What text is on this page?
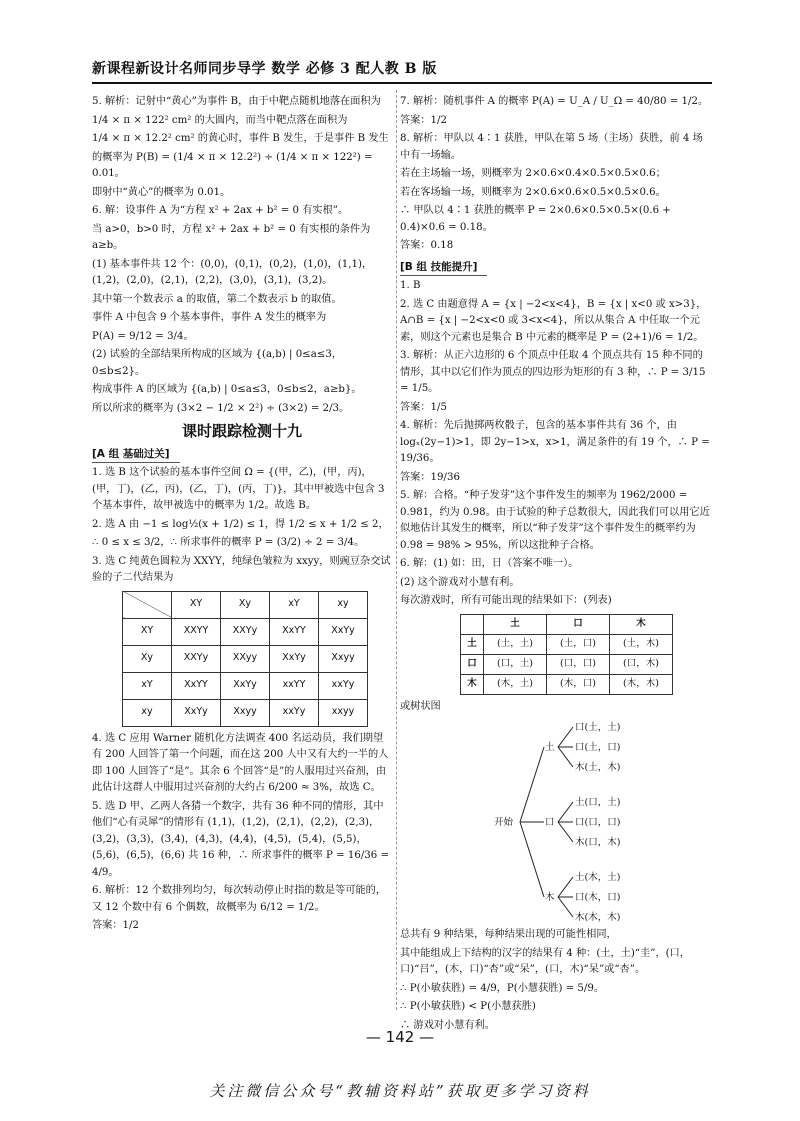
新课程新设计名师同步导学 数学 必修 3 配人教 B 版
5. 解析：记射中“黄心”为事件 B，由于中靶点随机地落在面积为
1/4 × π × 122² cm² 的大圆内，而当中靶点落在面积为
1/4 × π × 12.2² cm² 的黄心时，事件 B 发生，于是事件 B 发生
的概率为 P(B) = (1/4 × π × 12.2²) ÷ (1/4 × π × 122²) = 0.01。
即射中“黄心”的概率为 0.01。
6. 解：设事件 A 为“方程 x² + 2ax + b² = 0 有实根”。
当 a>0，b>0 时，方程 x² + 2ax + b² = 0 有实根的条件为 a≥b。
(1) 基本事件共 12 个：(0,0)，(0,1)，(0,2)，(1,0)，(1,1)，(1,2)，(2,0)，(2,1)，(2,2)，(3,0)，(3,1)，(3,2)。
其中第一个数表示 a 的取值，第二个数表示 b 的取值。
事件 A 中包含 9 个基本事件，事件 A 发生的概率为
P(A) = 9/12 = 3/4。
(2) 试验的全部结果所构成的区域为 {(a,b) | 0≤a≤3，0≤b≤2}。
构成事件 A 的区域为 {(a,b) | 0≤a≤3，0≤b≤2，a≥b}。
所以所求的概率为 (3×2 − 1/2 × 2²) ÷ (3×2) = 2/3。
课时跟踪检测十九
[A 组 基础过关]
1. 选 B 这个试验的基本事件空间 Ω = {(甲，乙)，(甲，丙)，(甲，丁)，(乙，丙)，(乙，丁)，(丙，丁)}，其中甲被选中包含 3 个基本事件，故甲被选中的概率为 1/2。故选 B。
2. 选 A 由 −1 ≤ log½(x + 1/2) ≤ 1，得 1/2 ≤ x + 1/2 ≤ 2，
∴ 0 ≤ x ≤ 3/2，∴ 所求事件的概率 P = (3/2) ÷ 2 = 3/4。
3. 选 C 纯黄色圆粒为 XXYY，纯绿色皱粒为 xxyy，则豌豆杂交试验的子二代结果为
	XY	Xy	xY	xy
XY	XXYY	XXYy	XxYY	XxYy
Xy	XXYy	XXyy	XxYy	Xxyy
xY	XxYY	XxYy	xxYY	xxYy
xy	XxYy	Xxyy	xxYy	xxyy
4. 选 C 应用 Warner 随机化方法调查 400 名运动员，我们期望有 200 人回答了第一个问题，而在这 200 人中又有大约一半的人即 100 人回答了“是”。其余 6 个回答“是”的人服用过兴奋剂，由此估计这群人中服用过兴奋剂的大约占 6/200 ≈ 3%，故选 C。
5. 选 D 甲、乙两人各猜一个数字，共有 36 种不同的情形，其中他们“心有灵犀”的情形有 (1,1)，(1,2)，(2,1)，(2,2)，(2,3)，(3,2)，(3,3)，(3,4)，(4,3)，(4,4)，(4,5)，(5,4)，(5,5)，(5,6)，(6,5)，(6,6) 共 16 种，∴ 所求事件的概率 P = 16/36 = 4/9。
6. 解析：12 个数排列均匀，每次转动停止时指的数是等可能的，又 12 个数中有 6 个偶数，故概率为 6/12 = 1/2。
答案：1/2
7. 解析：随机事件 A 的概率 P(A) = U_A / U_Ω = 40/80 = 1/2。
答案：1/2
8. 解析：甲队以 4∶1 获胜，甲队在第 5 场（主场）获胜，前 4 场中有一场输。
若在主场输一场，则概率为 2×0.6×0.4×0.5×0.5×0.6；
若在客场输一场，则概率为 2×0.6×0.6×0.5×0.5×0.6。
∴ 甲队以 4∶1 获胜的概率 P = 2×0.6×0.5×0.5×(0.6 + 0.4)×0.6 = 0.18。
答案：0.18
[B 组 技能提升]
1. B
2. 选 C 由题意得 A = {x | −2<x<4}，B = {x | x<0 或 x>3}，A∩B = {x | −2<x<0 或 3<x<4}，所以从集合 A 中任取一个元素，则这个元素也是集合 B 中元素的概率是 P = (2+1)/6 = 1/2。
3. 解析：从正六边形的 6 个顶点中任取 4 个顶点共有 15 种不同的情形，其中以它们作为顶点的四边形为矩形的有 3 种，∴ P = 3/15 = 1/5。
答案：1/5
4. 解析：先后抛掷两枚骰子，包含的基本事件共有 36 个，由 logₓ(2y−1)>1，即 2y−1>x，x>1，满足条件的有 19 个，∴ P = 19/36。
答案：19/36
5. 解：合格。“种子发芽”这个事件发生的频率为 1962/2000 = 0.981，约为 0.98。由于试验的种子总数很大，因此我们可以用它近似地估计其发生的概率，所以“种子发芽”这个事件发生的概率约为 0.98 = 98% > 95%，所以这批种子合格。
6. 解：(1) 如：田，日（答案不唯一）。
(2) 这个游戏对小慧有利。
每次游戏时，所有可能出现的结果如下：(列表)
	土	口	木
土	(土，土)	(土，口)	(土，木)
口	(口，土)	(口，口)	(口，木)
木	(木，土)	(木，口)	(木，木)
或树状图
开始
土
口(土，土)
口(土，口)
木(土，木)
口
土(口，土)
口(口，口)
木(口，木)
木
土(木，土)
口(木，口)
木(木，木)
总共有 9 种结果，每种结果出现的可能性相同，
其中能组成上下结构的汉字的结果有 4 种：(土，土)“圭”，(口，口)“吕”，(木，口)“杏”或“呆”，(口，木)“呆”或“杏”。
∴ P(小敏获胜) = 4/9，P(小慧获胜) = 5/9。
∴ P(小敏获胜) < P(小慧获胜)
∴ 游戏对小慧有利。
— 142 —
关注微信公众号“教辅资料站”获取更多学习资料
